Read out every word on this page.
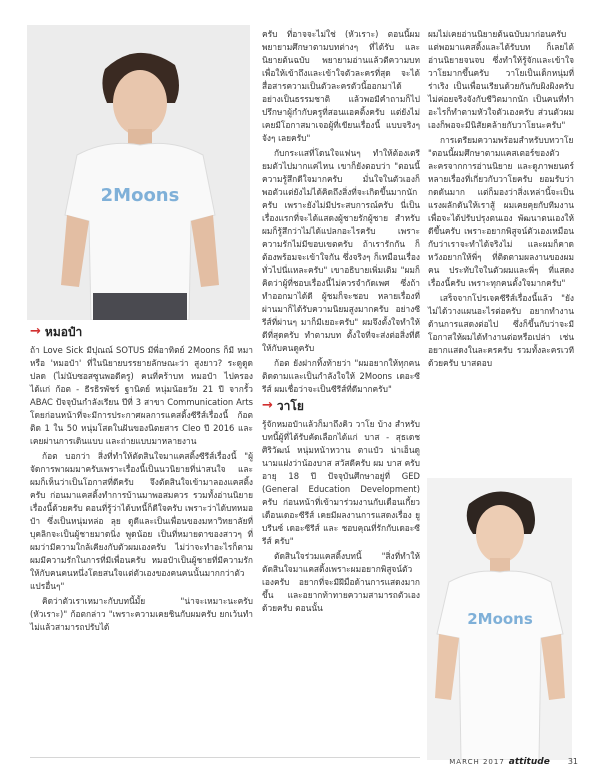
2Moons
→ หมอป๋า

ถ้า Love Sick มีปุณณ์ SOTUS มีพี่อาทิตย์ 2Moons ก็มี หมา หรือ 'หมอป๋า' ที่ในนิยายบรรยายลักษณะว่า สูงยาว? ระดูดูดปลด (ไม่นับซอสซูนพอดีครู) คนที่คร้าบท หมอป๋า ไปครองได้แก่ ก้อต - ธีรธิรพัชร์ ฐานิตย์ หนุ่มน้อยวัย 21 ปี จากรั้ว ABAC ปัจจุบันกำลังเรียน ปีที่ 3 สาขา Communication Arts โดยก่อนหน้าที่จะมีการประกาศผลการแคสติ้งซีรีส์เรื่องนี้ ก้อตติด 1 ใน 50 หนุ่มโสดในฝันของนิตยสาร Cleo ปี 2016 และเคยผ่านการเดินแบบ และถ่ายแบบมาหลายงาน

ก้อต บอกว่า สิ่งที่ทำให้ตัดสินใจมาแคสติ้งซีรีส์เรื่องนี้ "ผู้จัดการพาผมมาครับเพราะเรื่องนี้เป็นนวนิยายที่น่าสนใจ และผมก็เห็นว่าเป็นโอกาสที่ดีครับ จึงตัดสินใจเข้ามาลองแคสติ้งครับ ก่อนมาแคสติ้งทำการบ้านมาพอสมควร รวมทั้งอ่านนิยายเรื่องนี้ด้วยครับ ตอนที่รู้ว่าได้บทนี้ก็ดีใจครับ เพราะว่าได้บทหมอป๋า ซึ่งเป็นหนุ่มหล่อ ลุย ดูดีและเป็นเพื่อนของมหาวิทยาลัยที่บุคลิกจะเป็นผู้ชายมาดนิ่ง พูดน้อย เป็นที่หมายตาของสาวๆ ที่ผมว่ามีความใกล้เคียงกับตัวผมเองครับ ไม่ว่าจะทำอะไรก็ตาม ผมมีความรักในการที่มีเพื่อนครับ หมอป๋าเป็นผู้ชายที่มีความรักให้กับคนคนหนึ่งโดยสนใจแต่ตัวเองของคนคนนั้นมากกว่าตัวแปรอื่นๆ"

คิดว่าตัวเราเหมาะกับบทนี้มั้ย "น่าจะเหมาะนะครับ (หัวเราะ)" ก้อตกล่าว "เพราะความเคยชินกับผมครับ ยกเว้นทำไม่แล้วสามารถปรับได้

ครับ ที่อาจจะไม่ใช่ (หัวเราะ) ตอนนี้ผมพยายามศึกษาตามบทต่างๆ ที่ได้รับ และนิยายต้นฉบับ พยายามอ่านแล้วตีความบทเพื่อให้เข้าถึงและเข้าใจตัวละครที่สุด จะได้สื่อสารความเป็นตัวละครตัวนี้ออกมาได้อย่างเป็นธรรมชาติ แล้วพอมีคำถามก็ไปปรึกษาผู้กำกับครูที่สอนแอคติ้งครับ แต่ยังไม่เคยมีโอกาสมาเจอผู้ที่เขียนเรื่องนี้ แบบจริงๆ จังๆ เลยครับ"

กับกระแสที่โดนใจแฟนๆ ทำให้ต้องเตรียมตัวไปมากแค่ไหน เขาก็ยังตอบว่า "ตอนนี้ความรู้สึกดีใจมากครับ มั่นใจในตัวเองก็พอตัวแต่ยังไม่ได้คิดถึงสิ่งที่จะเกิดขึ้นมากนักครับ เพราะยังไม่มีประสบการณ์ครับ นี่เป็นเรื่องแรกที่จะได้แสดงผู้ชายรักผู้ชาย สำหรับผมก็รู้สึกว่าไม่ได้แปลกอะไรครับ เพราะความรักไม่มีขอบเขตครับ ถ้าเรารักกัน ก็ต้องพร้อมจะเข้าใจกัน ซึ่งจริงๆ ก็เหมือนเรื่องทั่วไปนี่แหละครับ" เขาอธิบายเพิ่มเติม "ผมก็คิดว่าผู้ที่ชอบเรื่องนี้ไม่ควรจำกัดเพศ ซึ่งถ้าทำออกมาได้ดี ผู้ชมก็จะชอบ หลายเรื่องที่ผ่านมาก็ได้รับความนิยมสูงมากครับ อย่างซีรีส์ที่ผ่านๆ มาก็มีเยอะครับ" ผมจึงตั้งใจทำให้ดีที่สุดครับ ทำตามบท ตั้งใจที่จะส่งต่อสิ่งที่ดีให้กับคนดูครับ

ก้อต ยังฝากทิ้งท้ายว่า "ผมอยากให้ทุกคนติดตามและเป็นกำลังใจให้ 2Moons เดอะซีรีส์ ผมเชื่อว่าจะเป็นซีรีส์ที่ดีมากครับ"

→ วาโย

รู้จักหมอป๋าแล้วก็มาถึงคิว วาโย บ้าง สำหรับบทนี้ผู้ที่ได้รับคัดเลือกได้แก่ บาส - สุธเดช ศิริวัฒน์ หนุ่มหน้าหวาน ตาแป๋ว น่าเอ็นดู นามแฝงว่าน้องบาส สวัสดีครับ ผม บาส ครับ อายุ 18 ปี ปัจจุบันศึกษาอยู่ที่ GED (General Education Development) ครับ ก่อนหน้าที่เข้ามาร่วมงานกับเดือนเกี้ยวเดือนเดอะซีรีส์ เคยมีผลงานการแสดงเรื่อง ยูบรีนซ์ เดอะซีรีส์ และ ชอบคุณที่รักกับเดอะซีรีส์ ครับ"

ตัดสินใจร่วมแคสติ้งบทนี้ "สิ่งที่ทำให้ตัดสินใจมาแคสติ้งเพราะผมอยากพิสูจน์ตัวเองครับ อยากที่จะมีฝีมือด้านการแสดงมากขึ้น และอยากท้าทายความสามารถตัวเองด้วยครับ ตอนนั้น

ผมไม่เคยอ่านนิยายต้นฉบับมาก่อนครับ แต่พอมาแคสติ้งและได้รับบท ก็เลยได้อ่านนิยายจนจบ ซึ่งทำให้รู้จักและเข้าใจวาโยมากขึ้นครับ วาโยเป็นเด็กหนุ่มที่ร่าเริง เป็นเพื่อนเรียนด้วยกันกับผิงผิงครับ ไม่ค่อยจริงจังกับชีวิตมากนัก เป็นคนที่ทำอะไรก็ทำตามหัวใจตัวเองครับ ส่วนตัวผมเองก็พอจะมีนิสัยคล้ายกับวาโยนะครับ"

การเตรียมความพร้อมสำหรับบทวาโย "ตอนนี้ผมศึกษาตามแคสเตอร์ของตัวละครจากการอ่านนิยาย และดูภาพยนตร์หลายเรื่องที่เกี่ยวกับวาโยครับ ยอมรับว่ากดดันมาก แต่ก็มองว่าสิ่งเหล่านี้จะเป็นแรงผลักดันให้เราสู้ ผมเคยคุยกับทีมงานเพื่อจะได้ปรับปรุงตนเอง พัฒนาตนเองให้ดีขึ้นครับ เพราะอยากพิสูจน์ตัวเองเหมือนกับว่าเราจะทำได้จริงไม่ และผมก็คาดหวังอยากให้พี่ๆ ที่ติดตามผลงานของผม คน ประทับใจในตัวผมและพี่ๆ ที่แสดงเรื่องนี้ครับ เพราะทุกคนตั้งใจมากครับ"

เสร็จจากโปรเจคซีรีส์เรื่องนี้แล้ว "ยังไม่ได้วางแผนอะไรต่อครับ อยากทำงานด้านการแสดงต่อไป ซึ่งก็ขึ้นกับว่าจะมีโอกาสให้ผมได้ทำงานต่อหรือเปล่า เช่นอยากแสดงในละครครับ รวมทั้งละครเวทีด้วยครับ บาสตอบ

2Moons
MARCH 2017 attitude 31
